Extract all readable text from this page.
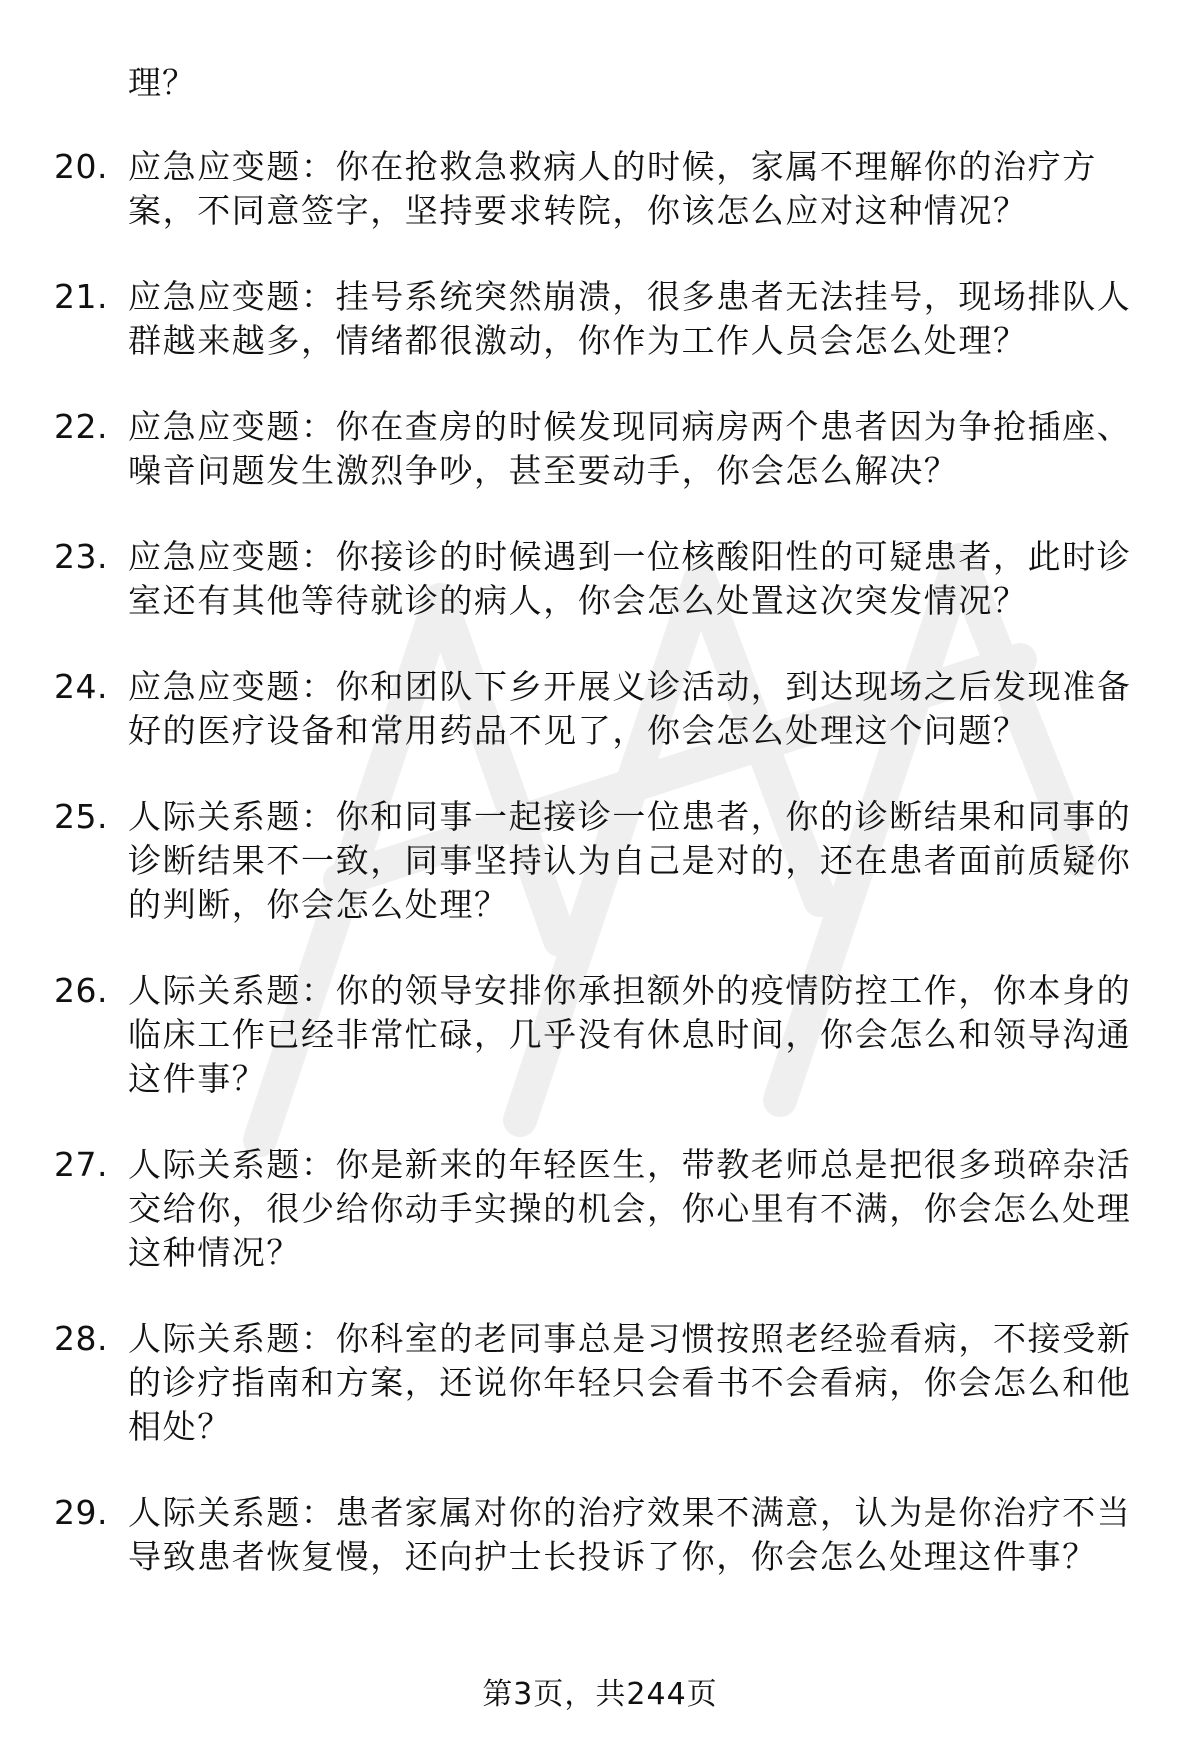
理？
20. 应急应变题：你在抢救急救病人的时候，家属不理解你的治疗方案，不同意签字，坚持要求转院，你该怎么应对这种情况？
21. 应急应变题：挂号系统突然崩溃，很多患者无法挂号，现场排队人群越来越多，情绪都很激动，你作为工作人员会怎么处理？
22. 应急应变题：你在查房的时候发现同病房两个患者因为争抢插座、噪音问题发生激烈争吵，甚至要动手，你会怎么解决？
23. 应急应变题：你接诊的时候遇到一位核酸阳性的可疑患者，此时诊室还有其他等待就诊的病人，你会怎么处置这次突发情况？
24. 应急应变题：你和团队下乡开展义诊活动，到达现场之后发现准备好的医疗设备和常用药品不见了，你会怎么处理这个问题？
25. 人际关系题：你和同事一起接诊一位患者，你的诊断结果和同事的诊断结果不一致，同事坚持认为自己是对的，还在患者面前质疑你的判断，你会怎么处理？
26. 人际关系题：你的领导安排你承担额外的疫情防控工作，你本身的临床工作已经非常忙碌，几乎没有休息时间，你会怎么和领导沟通这件事？
27. 人际关系题：你是新来的年轻医生，带教老师总是把很多琐碎杂活交给你，很少给你动手实操的机会，你心里有不满，你会怎么处理这种情况？
28. 人际关系题：你科室的老同事总是习惯按照老经验看病，不接受新的诊疗指南和方案，还说你年轻只会看书不会看病，你会怎么和他相处？
29. 人际关系题：患者家属对你的治疗效果不满意，认为是你治疗不当导致患者恢复慢，还向护士长投诉了你，你会怎么处理这件事？
第3页，共244页
